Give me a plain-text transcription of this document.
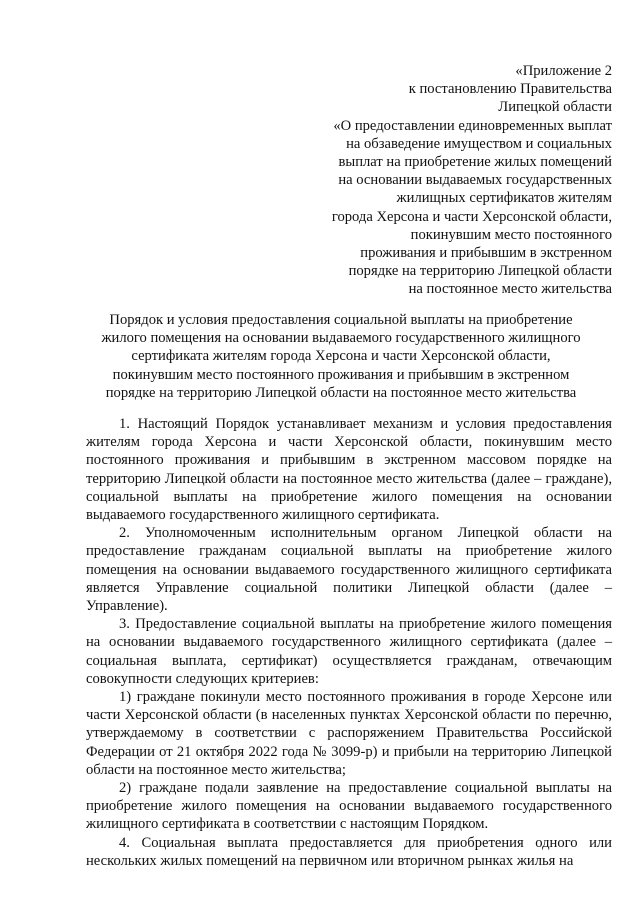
«Приложение 2
к постановлению Правительства
Липецкой области
«О предоставлении единовременных выплат
на обзаведение имуществом и социальных
выплат на приобретение жилых помещений
на основании выдаваемых государственных
жилищных сертификатов жителям
города Херсона и части Херсонской области,
покинувшим место постоянного
проживания и прибывшим в экстренном
порядке на территорию Липецкой области
на постоянное место жительства
Порядок и условия предоставления социальной выплаты на приобретение
жилого помещения на основании выдаваемого государственного жилищного
сертификата жителям города Херсона и части Херсонской области,
покинувшим место постоянного проживания и прибывшим в экстренном
порядке на территорию Липецкой области на постоянное место жительства

1. Настоящий Порядок устанавливает механизм и условия предоставления жителям города Херсона и части Херсонской области, покинувшим место постоянного проживания и прибывшим в экстренном массовом порядке на территорию Липецкой области на постоянное место жительства (далее – граждане), социальной выплаты на приобретение жилого помещения на основании выдаваемого государственного жилищного сертификата.

2. Уполномоченным исполнительным органом Липецкой области на предоставление гражданам социальной выплаты на приобретение жилого помещения на основании выдаваемого государственного жилищного сертификата является Управление социальной политики Липецкой области (далее – Управление).

3. Предоставление социальной выплаты на приобретение жилого помещения на основании выдаваемого государственного жилищного сертификата (далее – социальная выплата, сертификат) осуществляется гражданам, отвечающим совокупности следующих критериев:

1) граждане покинули место постоянного проживания в городе Херсоне или части Херсонской области (в населенных пунктах Херсонской области по перечню, утверждаемому в соответствии с распоряжением Правительства Российской Федерации от 21 октября 2022 года № 3099-р) и прибыли на территорию Липецкой области на постоянное место жительства;

2) граждане подали заявление на предоставление социальной выплаты на приобретение жилого помещения на основании выдаваемого государственного жилищного сертификата в соответствии с настоящим Порядком.

4. Социальная выплата предоставляется для приобретения одного или нескольких жилых помещений на первичном или вторичном рынках жилья на
